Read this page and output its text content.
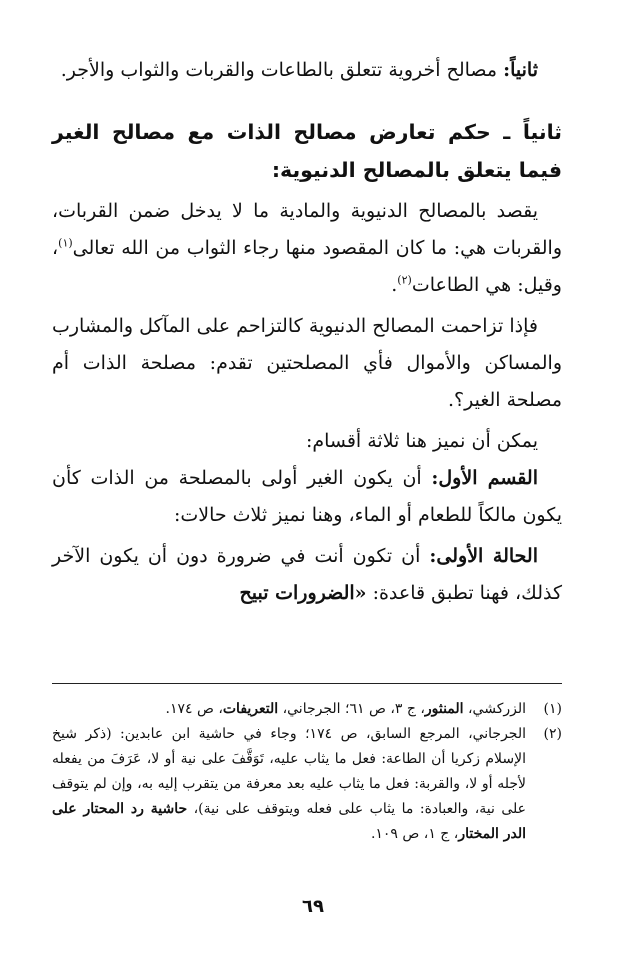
ثانياً: مصالح أخروية تتعلق بالطاعات والقربات والثواب والأجر.

ثانياً ـ حكم تعارض مصالح الذات مع مصالح الغير فيما يتعلق بالمصالح الدنيوية:

يقصد بالمصالح الدنيوية والمادية ما لا يدخل ضمن القربات، والقربات هي: ما كان المقصود منها رجاء الثواب من الله تعالى$^{(١)}$، وقيل: هي الطاعات$^{(٢)}$.

فإذا تزاحمت المصالح الدنيوية كالتزاحم على المآكل والمشارب والمساكن والأموال فأي المصلحتين تقدم: مصلحة الذات أم مصلحة الغير؟.

يمكن أن نميز هنا ثلاثة أقسام:

القسم الأول: أن يكون الغير أولى بالمصلحة من الذات كأن يكون مالكاً للطعام أو الماء، وهنا نميز ثلاث حالات:

الحالة الأولى: أن تكون أنت في ضرورة دون أن يكون الآخر كذلك، فهنا تطبق قاعدة: «الضرورات تبيح

(١)
الزركشي، المنثور، ج ٣، ص ٦١؛ الجرجاني، التعريفات، ص ١٧٤.
(٢)
الجرجاني، المرجع السابق، ص ١٧٤؛ وجاء في حاشية ابن عابدين: (ذكر شيخ الإسلام زكريا أن الطاعة: فعل ما يثاب عليه، تَوَقَّفَ على نية أو لا، عَرَفَ من يفعله لأجله أو لا، والقربة: فعل ما يثاب عليه بعد معرفة من يتقرب إليه به، وإن لم يتوقف على نية، والعبادة: ما يثاب على فعله ويتوقف على نية)، حاشية رد المحتار على الدر المختار، ج ١، ص ١٠٩.
٦٩
